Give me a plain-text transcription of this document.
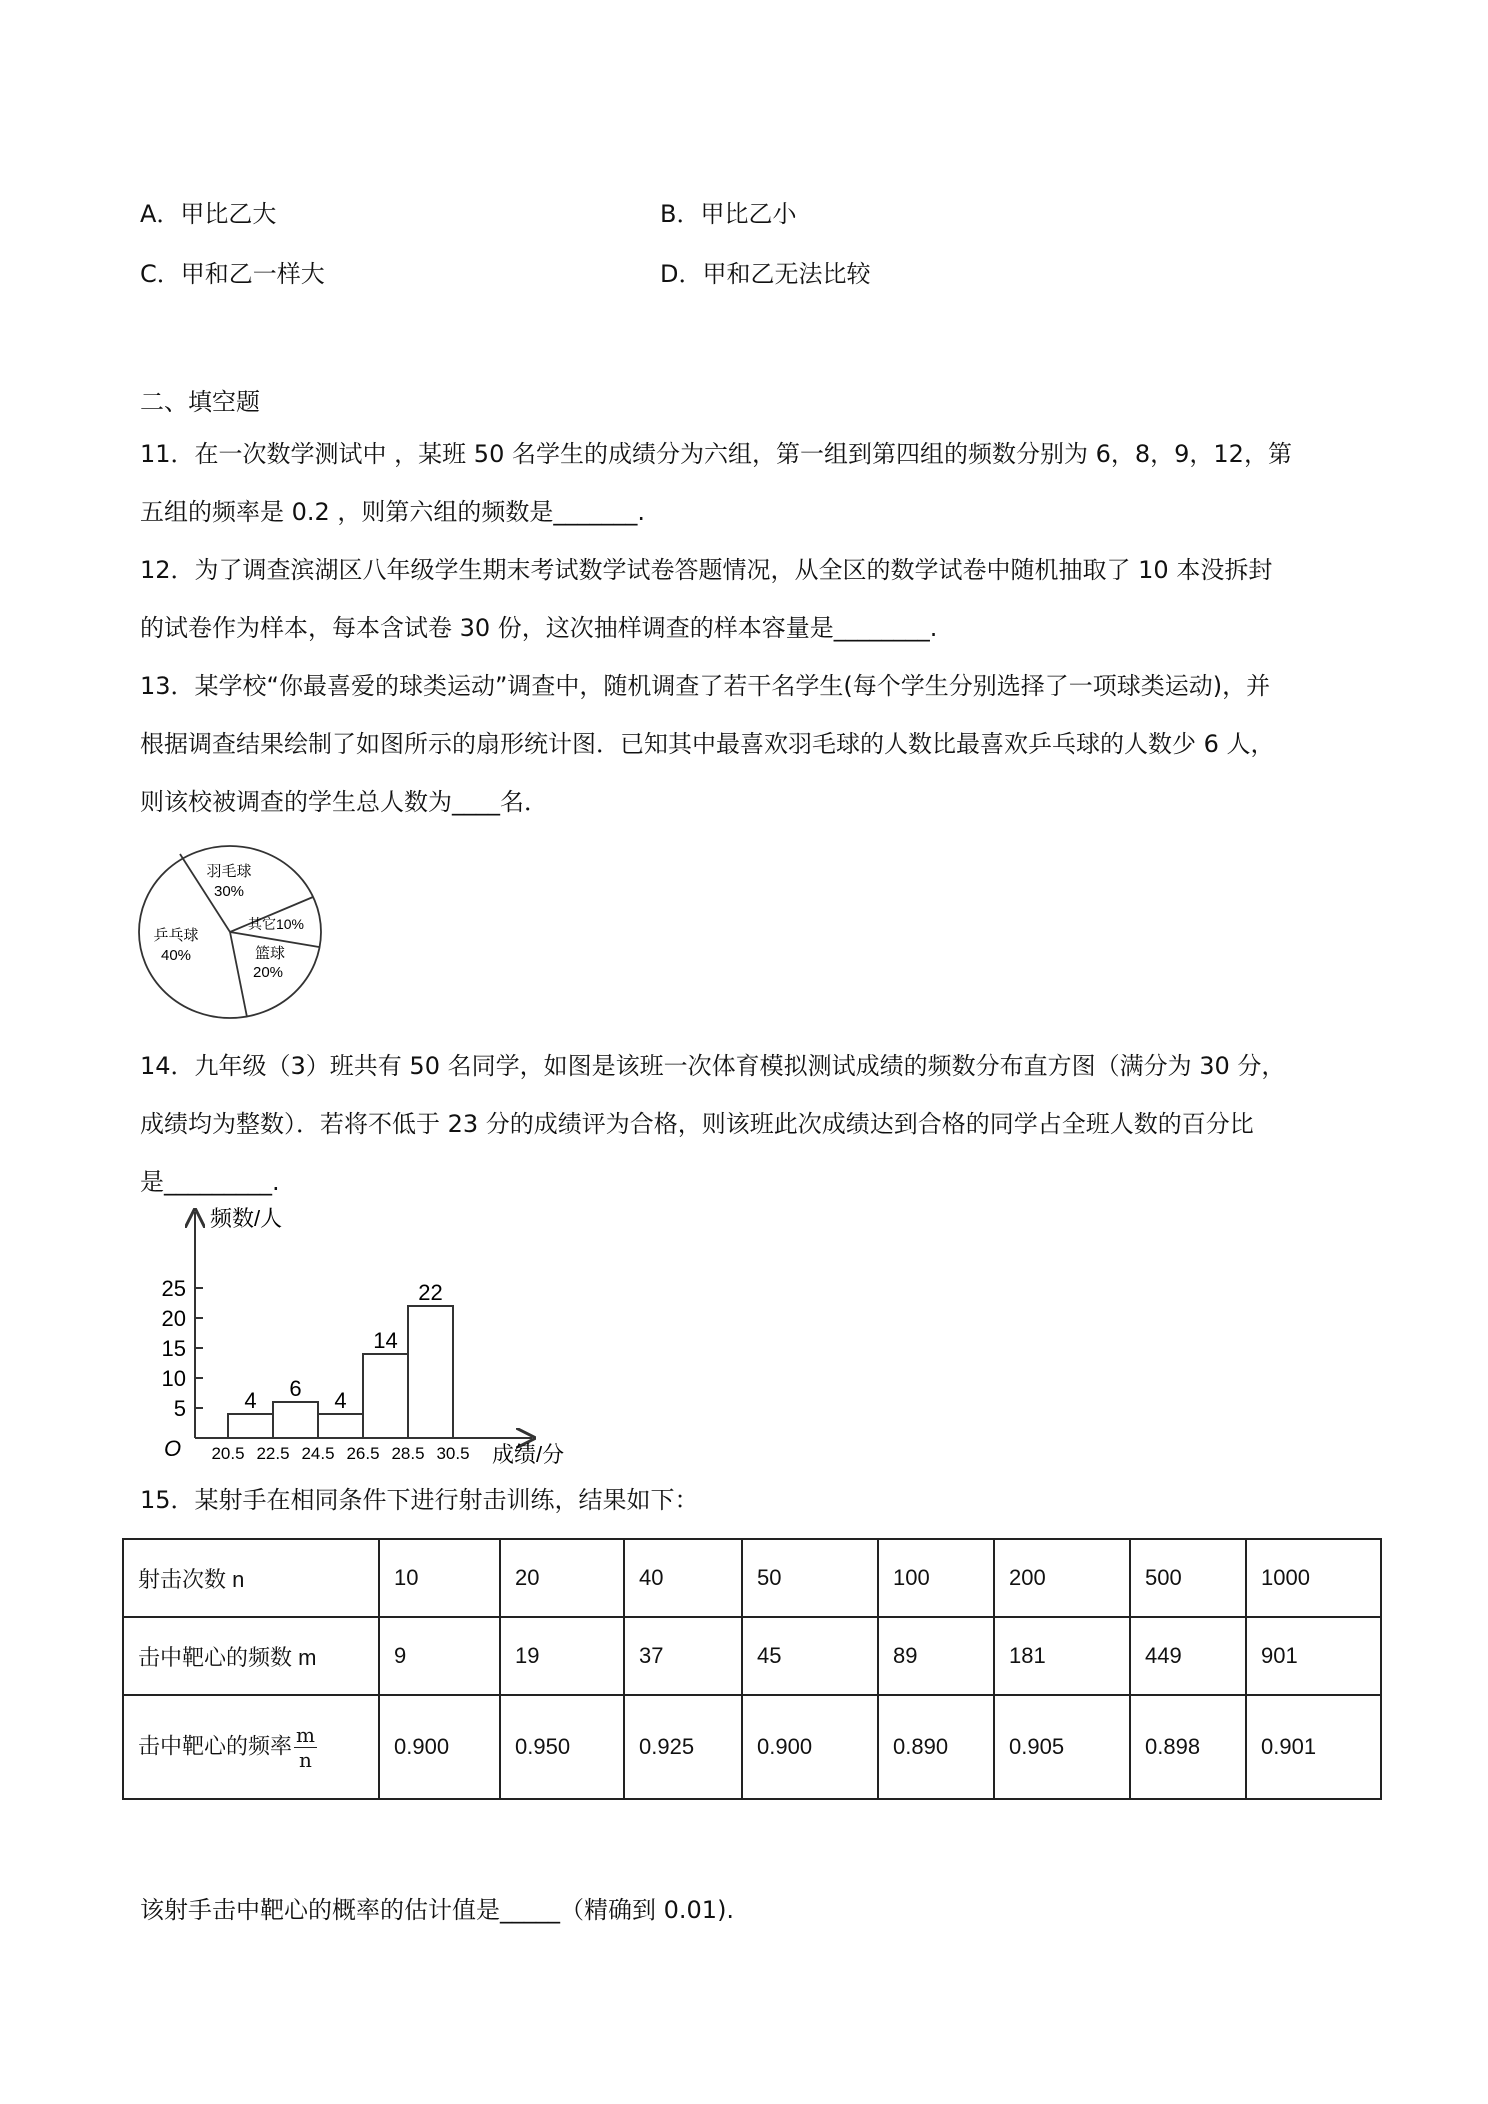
A．甲比乙大	B．甲比乙小
C．甲和乙一样大	D．甲和乙无法比较
二、填空题
11．在一次数学测试中 ，某班 50 名学生的成绩分为六组，第一组到第四组的频数分别为 6，8，9，12，第
五组的频率是 0.2 ，则第六组的频数是_______.
12．为了调查滨湖区八年级学生期末考试数学试卷答题情况，从全区的数学试卷中随机抽取了 10 本没拆封
的试卷作为样本，每本含试卷 30 份，这次抽样调查的样本容量是________.
13．某学校“你最喜爱的球类运动”调查中，随机调查了若干名学生(每个学生分别选择了一项球类运动)，并
根据调查结果绘制了如图所示的扇形统计图．已知其中最喜欢羽毛球的人数比最喜欢乒乓球的人数少 6 人，
则该校被调查的学生总人数为____名．
羽毛球
30%
其它10%
篮球
20%
乒乓球
40%
14．九年级（3）班共有 50 名同学，如图是该班一次体育模拟测试成绩的频数分布直方图（满分为 30 分，
成绩均为整数）．若将不低于 23 分的成绩评为合格，则该班此次成绩达到合格的同学占全班人数的百分比
是_________.
频数/人
成绩/分
O
5
10
15
20
25
4 6 4
14
22
20.5 22.5 24.5 26.5 28.5 30.5
15．某射手在相同条件下进行射击训练，结果如下：
射击次数 n	10	20	40	50	100	200	500	1000
击中靶心的频数 m	9	19	37	45	89	181	449	901
击中靶心的频率 $\frac{m}{n}$	0.900	0.950	0.925	0.900	0.890	0.905	0.898	0.901
该射手击中靶心的概率的估计值是_____（精确到 0.01).
